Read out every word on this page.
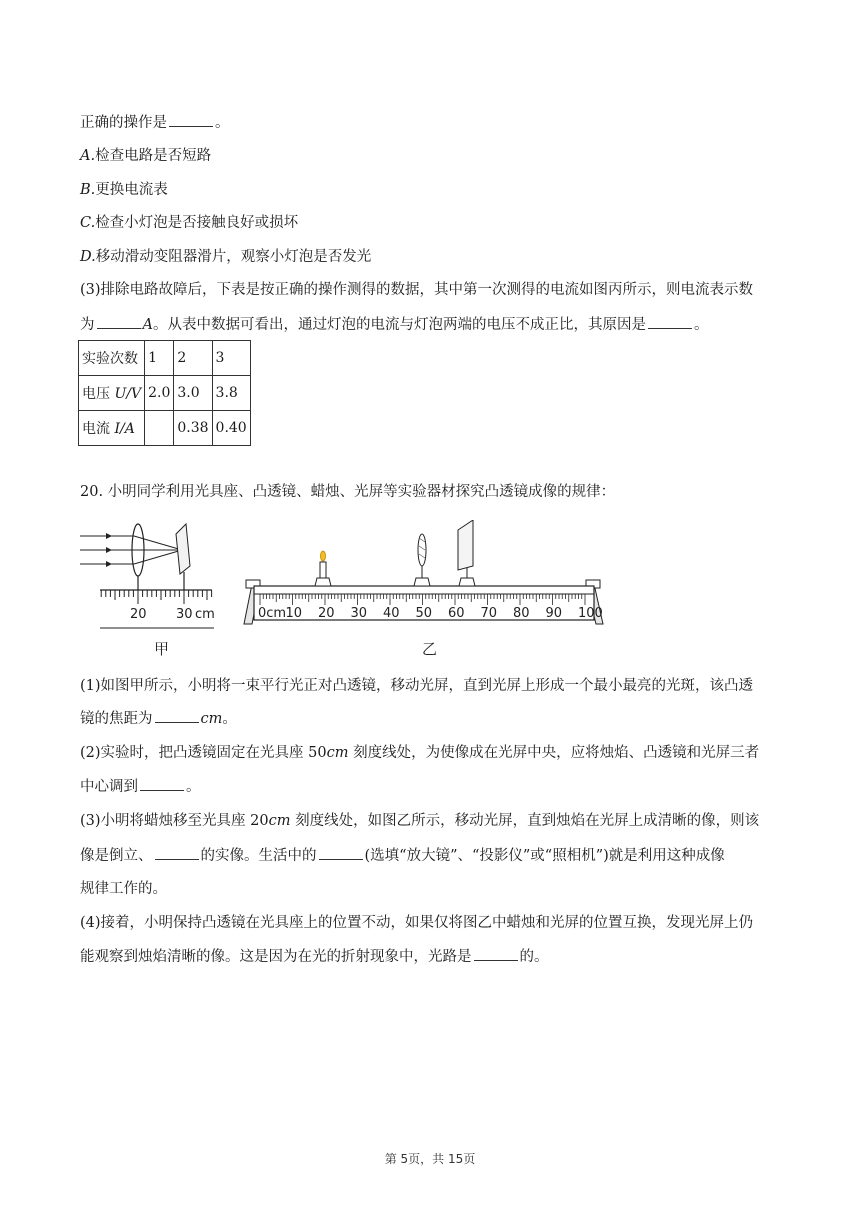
正确的操作是	。
A.检查电路是否短路
B.更换电流表
C.检查小灯泡是否接触良好或损坏
D.移动滑动变阻器滑片，观察小灯泡是否发光
(3)排除电路故障后，下表是按正确的操作测得的数据，其中第一次测得的电流如图丙所示，则电流表示数
为	A。从表中数据可看出，通过灯泡的电流与灯泡两端的电压不成正比，其原因是	。
实验次数	1	2	3
电压 U/V	2.0	3.0	3.8
电流 I/A		0.38	0.40
20. 小明同学利用光具座、凸透镜、蜡烛、光屏等实验器材探究凸透镜成像的规律：
20 30 cm
甲
0cm 10 20 30 40 50 60 70 80 90 100
乙
(1)如图甲所示，小明将一束平行光正对凸透镜，移动光屏，直到光屏上形成一个最小最亮的光斑，该凸透
镜的焦距为	cm。
(2)实验时，把凸透镜固定在光具座 50cm 刻度线处，为使像成在光屏中央，应将烛焰、凸透镜和光屏三者
中心调到	。
(3)小明将蜡烛移至光具座 20cm 刻度线处，如图乙所示，移动光屏，直到烛焰在光屏上成清晰的像，则该
像是倒立、	的实像。生活中的	(选填“放大镜”、“投影仪”或“照相机”)就是利用这种成像
规律工作的。
(4)接着，小明保持凸透镜在光具座上的位置不动，如果仅将图乙中蜡烛和光屏的位置互换，发现光屏上仍
能观察到烛焰清晰的像。这是因为在光的折射现象中，光路是	的。
第 5页，共 15页
